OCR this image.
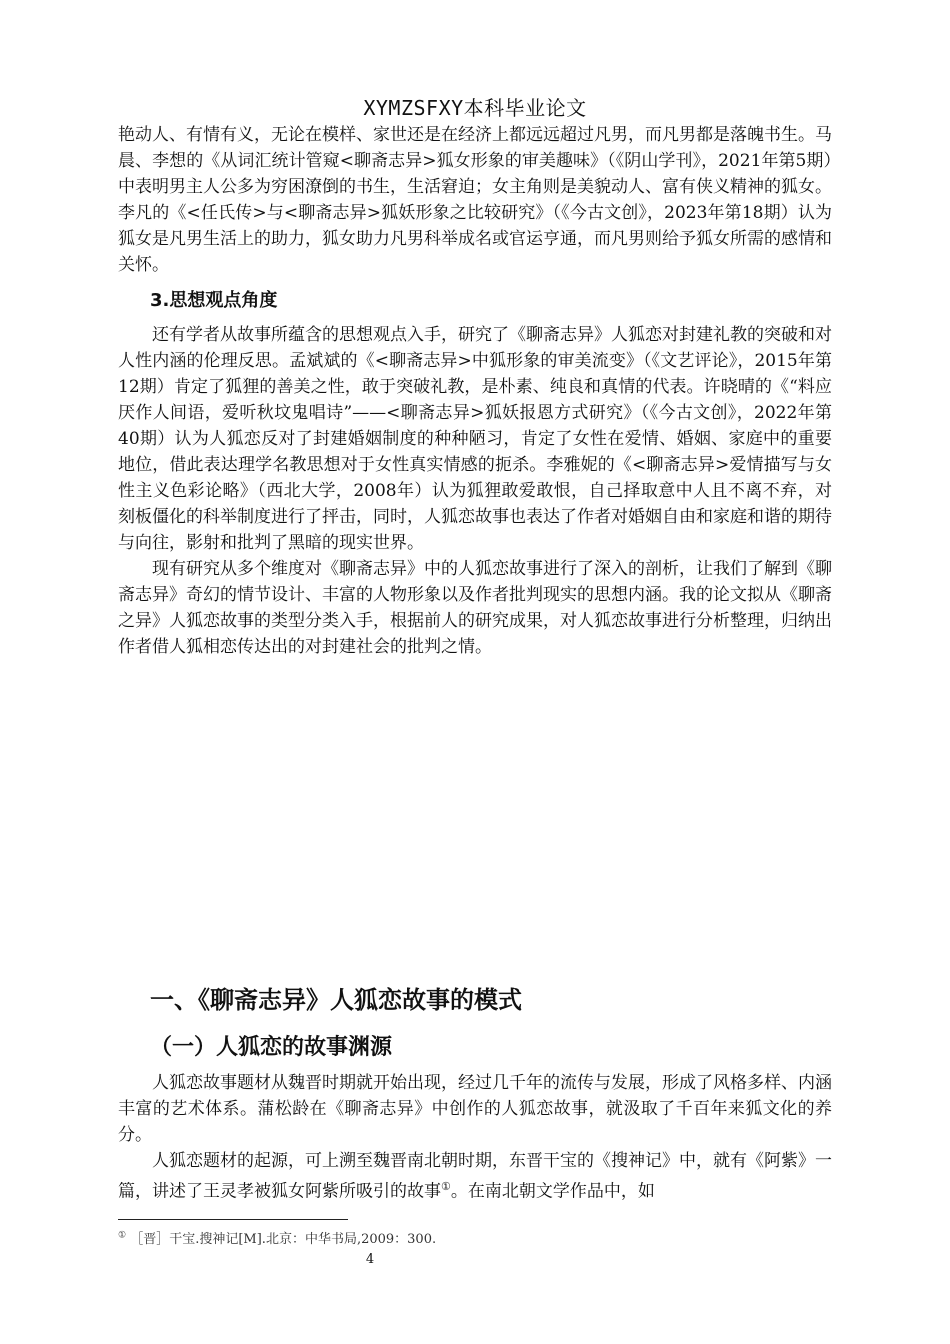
XYMZSFXY本科毕业论文

艳动人、有情有义，无论在模样、家世还是在经济上都远远超过凡男，而凡男都是落魄书生。马晨、李想的《从词汇统计管窥<聊斋志异>狐女形象的审美趣味》（《阴山学刊》，2021年第5期）中表明男主人公多为穷困潦倒的书生，生活窘迫；女主角则是美貌动人、富有侠义精神的狐女。李凡的《<任氏传>与<聊斋志异>狐妖形象之比较研究》（《今古文创》，2023年第18期）认为狐女是凡男生活上的助力，狐女助力凡男科举成名或官运亨通，而凡男则给予狐女所需的感情和关怀。

3.思想观点角度

还有学者从故事所蕴含的思想观点入手，研究了《聊斋志异》人狐恋对封建礼教的突破和对人性内涵的伦理反思。孟斌斌的《<聊斋志异>中狐形象的审美流变》（《文艺评论》，2015年第12期）肯定了狐狸的善美之性，敢于突破礼教，是朴素、纯良和真情的代表。许晓晴的《“料应厌作人间语，爱听秋坟鬼唱诗”——<聊斋志异>狐妖报恩方式研究》（《今古文创》，2022年第40期）认为人狐恋反对了封建婚姻制度的种种陋习，肯定了女性在爱情、婚姻、家庭中的重要地位，借此表达理学名教思想对于女性真实情感的扼杀。李雅妮的《<聊斋志异>爱情描写与女性主义色彩论略》（西北大学，2008年）认为狐狸敢爱敢恨，自己择取意中人且不离不弃，对刻板僵化的科举制度进行了抨击，同时，人狐恋故事也表达了作者对婚姻自由和家庭和谐的期待与向往，影射和批判了黑暗的现实世界。

现有研究从多个维度对《聊斋志异》中的人狐恋故事进行了深入的剖析，让我们了解到《聊斋志异》奇幻的情节设计、丰富的人物形象以及作者批判现实的思想内涵。我的论文拟从《聊斋之异》人狐恋故事的类型分类入手，根据前人的研究成果，对人狐恋故事进行分析整理，归纳出作者借人狐相恋传达出的对封建社会的批判之情。

一、《聊斋志异》人狐恋故事的模式
（一）人狐恋的故事渊源

人狐恋故事题材从魏晋时期就开始出现，经过几千年的流传与发展，形成了风格多样、内涵丰富的艺术体系。蒲松龄在《聊斋志异》中创作的人狐恋故事，就汲取了千百年来狐文化的养分。

人狐恋题材的起源，可上溯至魏晋南北朝时期，东晋干宝的《搜神记》中，就有《阿紫》一篇，讲述了王灵孝被狐女阿紫所吸引的故事①。在南北朝文学作品中，如

① ［晋］干宝.搜神记[M].北京：中华书局,2009：300.
4
